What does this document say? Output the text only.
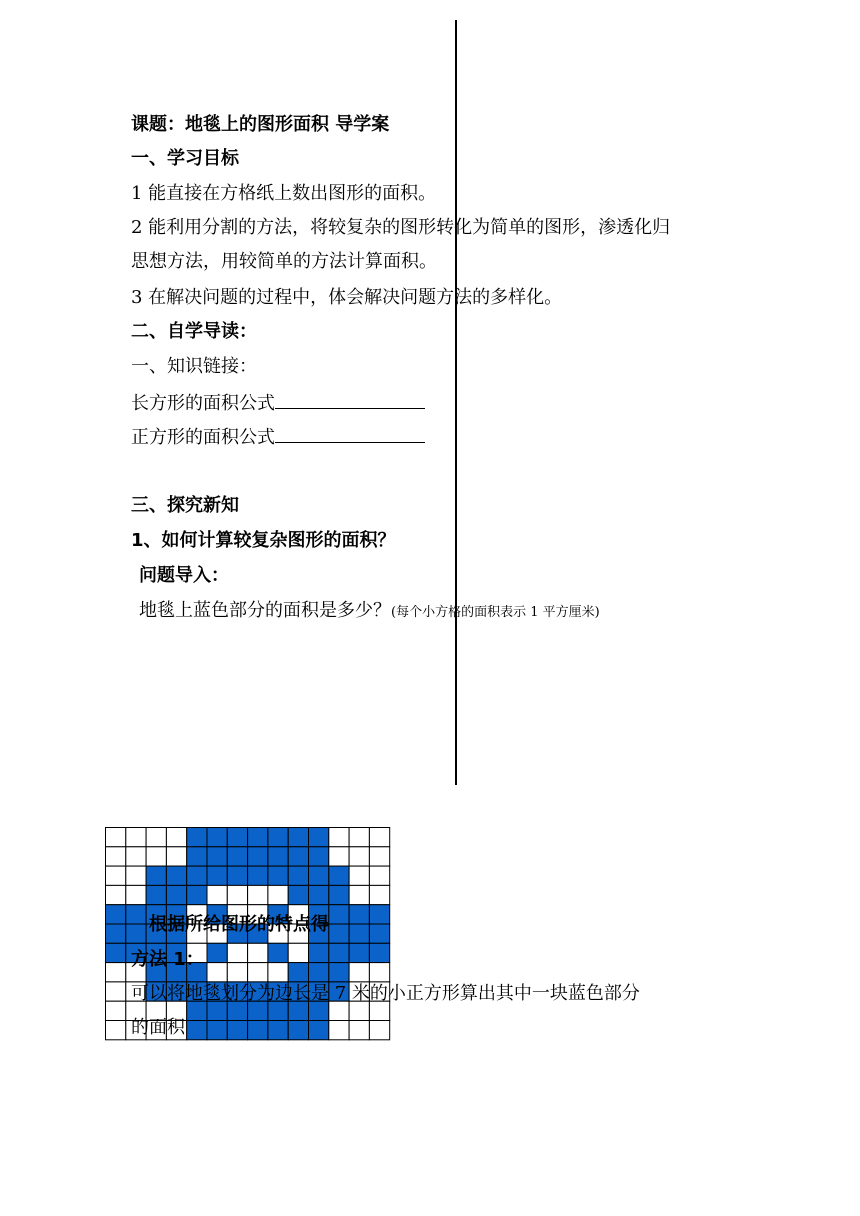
课题：地毯上的图形面积 导学案
一、学习目标
1 能直接在方格纸上数出图形的面积。
2 能利用分割的方法，将较复杂的图形转化为简单的图形，渗透化归
思想方法，用较简单的方法计算面积。
3 在解决问题的过程中，体会解决问题方法的多样化。
二、自学导读：
一、知识链接：
长方形的面积公式
正方形的面积公式
三、探究新知
1、如何计算较复杂图形的面积？
问题导入：
地毯上蓝色部分的面积是多少？(每个小方格的面积表示 1 平方厘米)
根据所给图形的特点得
方法 1：
可以将地毯划分为边长是 7 米的小正方形算出其中一块蓝色部分
的面积
